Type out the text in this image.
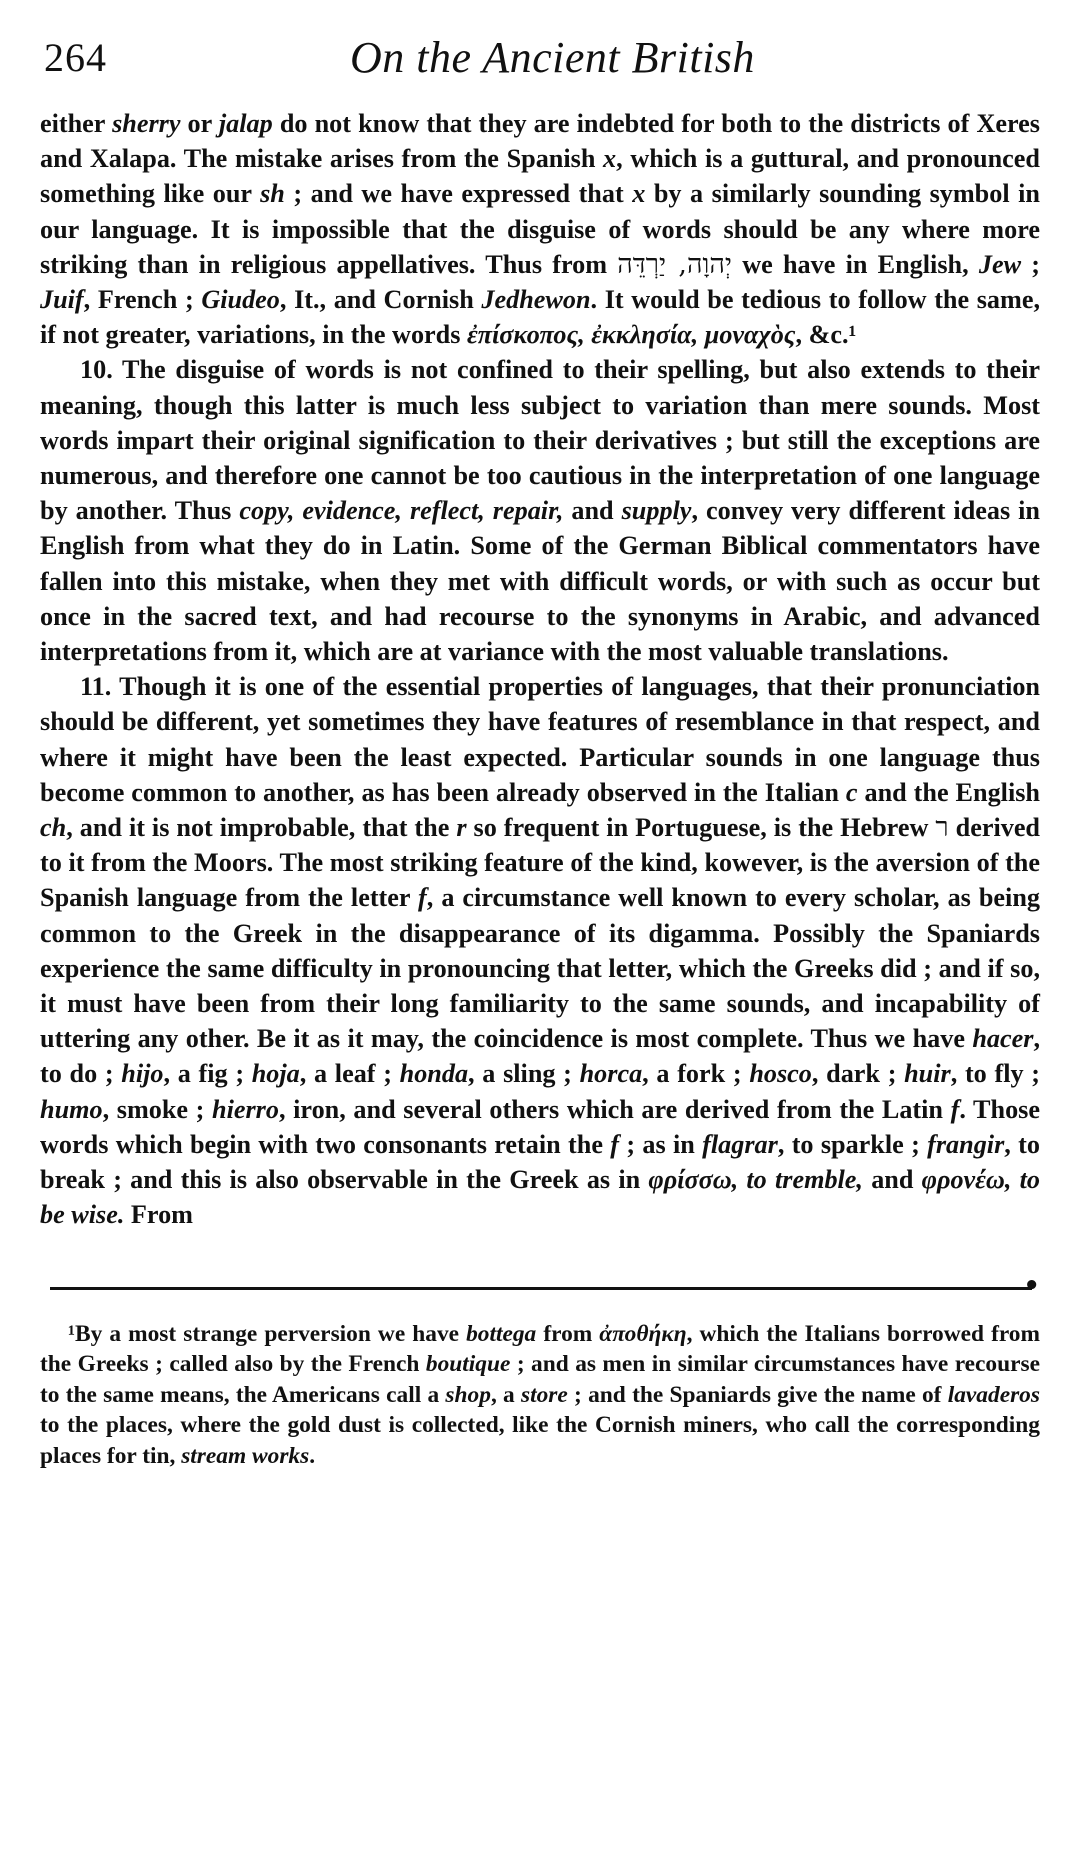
264	On the Ancient British

either sherry or jalap do not know that they are indebted for both to the districts of Xeres and Xalapa. The mistake arises from the Spanish x, which is a guttural, and pronounced something like our sh ; and we have expressed that x by a similarly sounding symbol in our language. It is impossible that the disguise of words should be any where more striking than in religious appellatives. Thus from יְהוָה, יַרְדֵּה we have in English, Jew ; Juif, French ; Giudeo, It., and Cornish Jedhewon. It would be tedious to follow the same, if not greater, variations, in the words ἐπίσκοπος, ἐκκλησία, μοναχὸς, &c.¹

10. The disguise of words is not confined to their spelling, but also extends to their meaning, though this latter is much less subject to variation than mere sounds. Most words impart their original signification to their derivatives ; but still the exceptions are numerous, and therefore one cannot be too cautious in the interpretation of one language by another. Thus copy, evidence, reflect, repair, and supply, convey very different ideas in English from what they do in Latin. Some of the German Biblical commentators have fallen into this mistake, when they met with difficult words, or with such as occur but once in the sacred text, and had recourse to the synonyms in Arabic, and advanced interpretations from it, which are at variance with the most valuable translations.

11. Though it is one of the essential properties of languages, that their pronunciation should be different, yet sometimes they have features of resemblance in that respect, and where it might have been the least expected. Particular sounds in one language thus become common to another, as has been already observed in the Italian c and the English ch, and it is not improbable, that the r so frequent in Portuguese, is the Hebrew ר derived to it from the Moors. The most striking feature of the kind, kowever, is the aversion of the Spanish language from the letter f, a circumstance well known to every scholar, as being common to the Greek in the disappearance of its digamma. Possibly the Spaniards experience the same difficulty in pronouncing that letter, which the Greeks did ; and if so, it must have been from their long familiarity to the same sounds, and incapability of uttering any other. Be it as it may, the coincidence is most complete. Thus we have hacer, to do ; hijo, a fig ; hoja, a leaf ; honda, a sling ; horca, a fork ; hosco, dark ; huir, to fly ; humo, smoke ; hierro, iron, and several others which are derived from the Latin f. Those words which begin with two consonants retain the f ; as in flagrar, to sparkle ; frangir, to break ; and this is also observable in the Greek as in φρίσσω, to tremble, and φρονέω, to be wise. From

•

¹By a most strange perversion we have bottega from ἀποθήκη, which the Italians borrowed from the Greeks ; called also by the French boutique ; and as men in similar circumstances have recourse to the same means, the Americans call a shop, a store ; and the Spaniards give the name of lavaderos to the places, where the gold dust is collected, like the Cornish miners, who call the corresponding places for tin, stream works.
